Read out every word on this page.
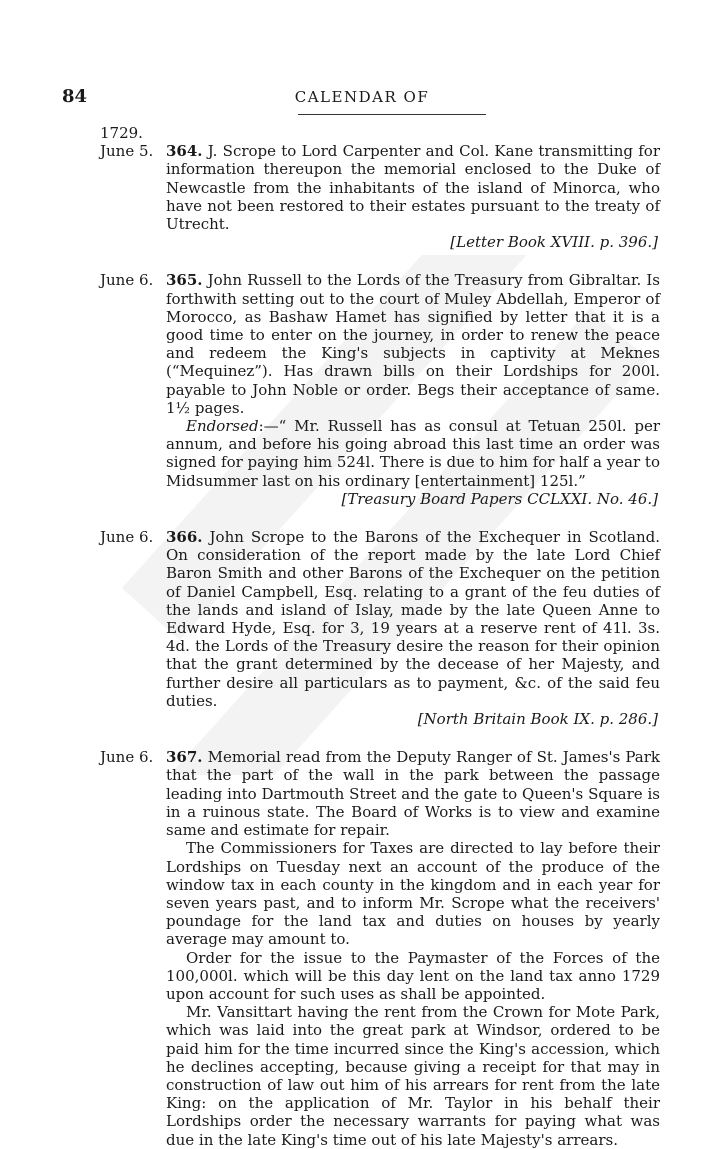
84	CALENDAR OF
1729.
June 5. 364. J. Scrope to Lord Carpenter and Col. Kane transmitting for information thereupon the memorial enclosed to the Duke of Newcastle from the inhabitants of the island of Minorca, who have not been restored to their estates pursuant to the treaty of Utrecht.

[Letter Book XVIII. p. 396.]
June 6. 365. John Russell to the Lords of the Treasury from Gibraltar. Is forthwith setting out to the court of Muley Abdellah, Emperor of Morocco, as Bashaw Hamet has signified by letter that it is a good time to enter on the journey, in order to renew the peace and redeem the King's subjects in captivity at Meknes (“Mequinez”). Has drawn bills on their Lordships for 200l. payable to John Noble or order. Begs their acceptance of same. 1½ pages.

Endorsed:—“ Mr. Russell has as consul at Tetuan 250l. per annum, and before his going abroad this last time an order was signed for paying him 524l. There is due to him for half a year to Midsummer last on his ordinary [entertainment] 125l.”

[Treasury Board Papers CCLXXI. No. 46.]
June 6. 366. John Scrope to the Barons of the Exchequer in Scotland. On consideration of the report made by the late Lord Chief Baron Smith and other Barons of the Exchequer on the petition of Daniel Campbell, Esq. relating to a grant of the feu duties of the lands and island of Islay, made by the late Queen Anne to Edward Hyde, Esq. for 3, 19 years at a reserve rent of 41l. 3s. 4d. the Lords of the Treasury desire the reason for their opinion that the grant determined by the decease of her Majesty, and further desire all particulars as to payment, &c. of the said feu duties.

[North Britain Book IX. p. 286.]
June 6. 367. Memorial read from the Deputy Ranger of St. James's Park that the part of the wall in the park between the passage leading into Dartmouth Street and the gate to Queen's Square is in a ruinous state. The Board of Works is to view and examine same and estimate for repair.

The Commissioners for Taxes are directed to lay before their Lordships on Tuesday next an account of the produce of the window tax in each county in the kingdom and in each year for seven years past, and to inform Mr. Scrope what the receivers' poundage for the land tax and duties on houses by yearly average may amount to.

Order for the issue to the Paymaster of the Forces of the 100,000l. which will be this day lent on the land tax anno 1729 upon account for such uses as shall be appointed.

Mr. Vansittart having the rent from the Crown for Mote Park, which was laid into the great park at Windsor, ordered to be paid him for the time incurred since the King's accession, which he declines accepting, because giving a receipt for that may in construction of law out him of his arrears for rent from the late King: on the application of Mr. Taylor in his behalf their Lordships order the necessary warrants for paying what was due in the late King's time out of his late Majesty's arrears.
